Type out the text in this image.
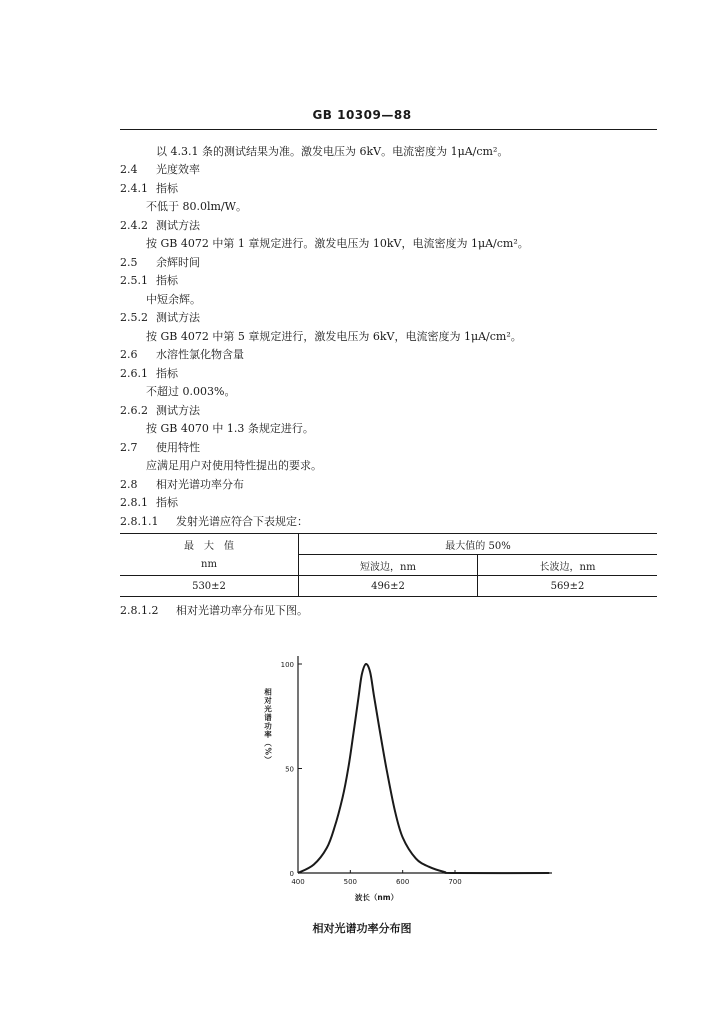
GB 10309—88
以 4.3.1 条的测试结果为准。激发电压为 6kV。电流密度为 1μA/cm²。
2.4 光度效率
2.4.1 指标
不低于 80.0lm/W。
2.4.2 测试方法
按 GB 4072 中第 1 章规定进行。激发电压为 10kV，电流密度为 1μA/cm²。
2.5 余辉时间
2.5.1 指标
中短余辉。
2.5.2 测试方法
按 GB 4072 中第 5 章规定进行，激发电压为 6kV，电流密度为 1μA/cm²。
2.6 水溶性氯化物含量
2.6.1 指标
不超过 0.003%。
2.6.2 测试方法
按 GB 4070 中 1.3 条规定进行。
2.7 使用特性
应满足用户对使用特性提出的要求。
2.8 相对光谱功率分布
2.8.1 指标
2.8.1.1 发射光谱应符合下表规定：
最　大　值	最大值的 50%	
nm	短波边，nm	长波边，nm
530±2	496±2	569±2
2.8.1.2 相对光谱功率分布见下图。
0
50
100
400	500	600	700
波长（nm）
相对光谱功率（%）
相对光谱功率分布图
